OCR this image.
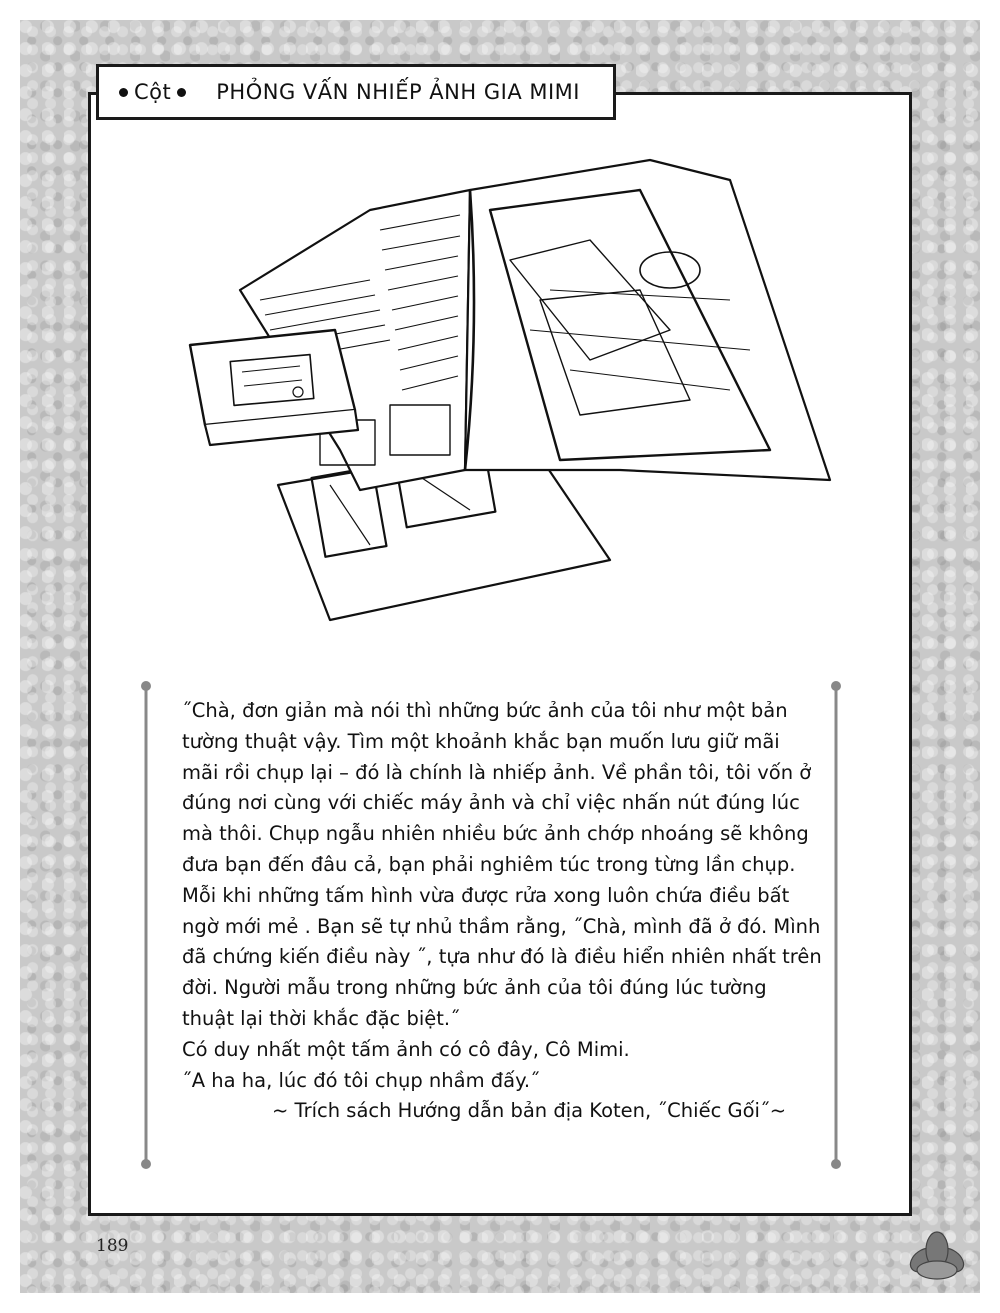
Cột PHỎNG VẤN NHIẾP ẢNH GIA MIMI

˝Chà, đơn giản mà nói thì những bức ảnh của tôi như một bản tường thuật vậy. Tìm một khoảnh khắc bạn muốn lưu giữ mãi mãi rồi chụp lại – đó là chính là nhiếp ảnh. Về phần tôi, tôi vốn ở đúng nơi cùng với chiếc máy ảnh và chỉ việc nhấn nút đúng lúc mà thôi. Chụp ngẫu nhiên nhiều bức ảnh chớp nhoáng sẽ không đưa bạn đến đâu cả, bạn phải nghiêm túc trong từng lần chụp. Mỗi khi những tấm hình vừa được rửa xong luôn chứa điều bất ngờ mới mẻ . Bạn sẽ tự nhủ thầm rằng, ˝Chà, mình đã ở đó. Mình đã chứng kiến điều này ˝, tựa như đó là điều hiển nhiên nhất trên đời. Người mẫu trong những bức ảnh của tôi đúng lúc tường thuật lại thời khắc đặc biệt.˝

Có duy nhất một tấm ảnh có cô đây, Cô Mimi.

˝A ha ha, lúc đó tôi chụp nhầm đấy.˝

~ Trích sách Hướng dẫn bản địa Koten, ˝Chiếc Gối˝~

189
